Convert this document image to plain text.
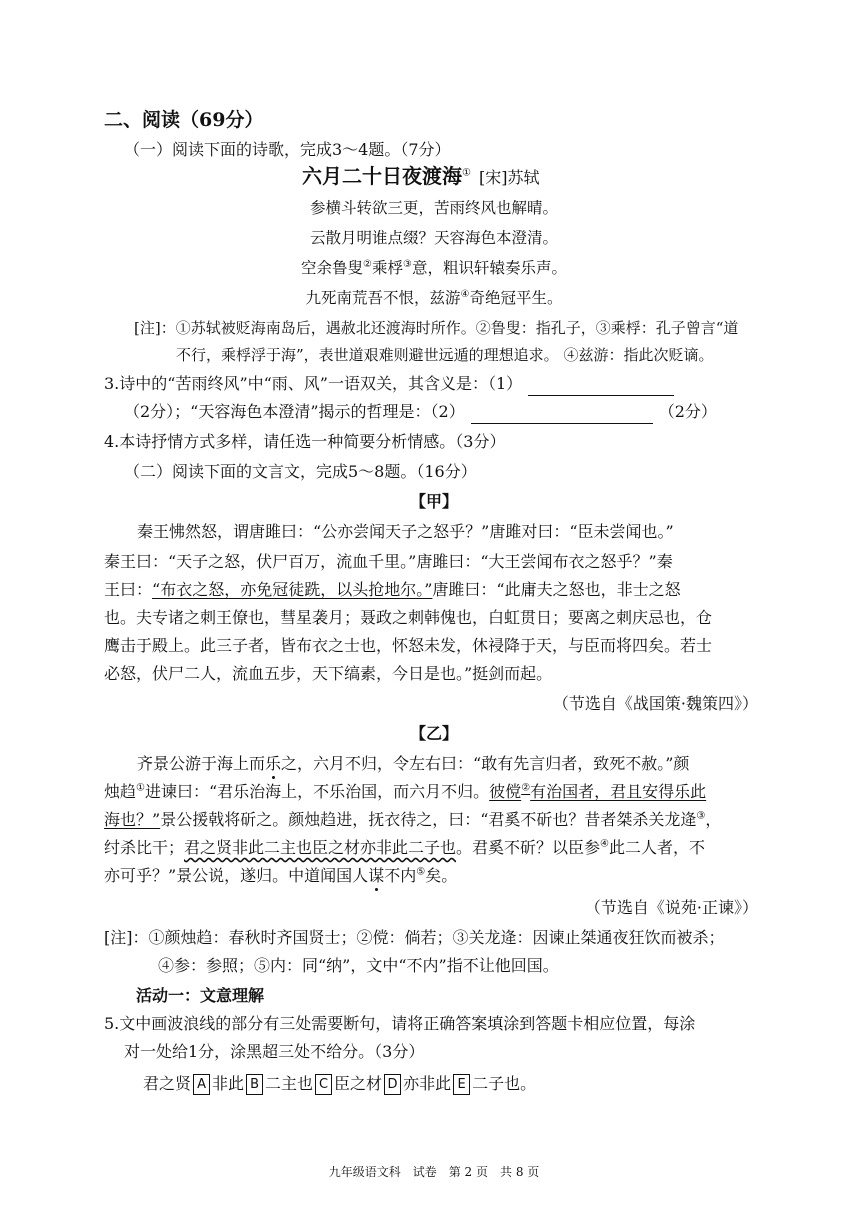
二、阅读（69分）
（一）阅读下面的诗歌，完成3～4题。（7分）
六月二十日夜渡海① [宋]苏轼
参横斗转欲三更，苦雨终风也解晴。
云散月明谁点缀？天容海色本澄清。
空余鲁叟②乘桴③意，粗识轩辕奏乐声。
九死南荒吾不恨，兹游④奇绝冠平生。
[注]：①苏轼被贬海南岛后，遇赦北还渡海时所作。②鲁叟：指孔子，③乘桴：孔子曾言“道
不行，乘桴浮于海”，表世道艰难则避世远遁的理想追求。 ④兹游：指此次贬谪。
3.诗中的“苦雨终风”中“雨、风”一语双关，其含义是：（1）
（2分）；“天容海色本澄清”揭示的哲理是：（2）	（2分）
4.本诗抒情方式多样，请任选一种简要分析情感。（3分）
（二）阅读下面的文言文，完成5～8题。（16分）
【甲】
秦王怫然怒，谓唐雎曰：“公亦尝闻天子之怒乎？”唐雎对曰：“臣未尝闻也。”
秦王曰：“天子之怒，伏尸百万，流血千里。”唐雎曰：“大王尝闻布衣之怒乎？”秦
王曰：“布衣之怒，亦免冠徒跣，以头抢地尔。”唐雎曰：“此庸夫之怒也，非士之怒
也。夫专诸之刺王僚也，彗星袭月；聂政之刺韩傀也，白虹贯日；要离之刺庆忌也，仓
鹰击于殿上。此三子者，皆布衣之士也，怀怒未发，休祲降于天，与臣而将四矣。若士
必怒，伏尸二人，流血五步，天下缟素，今日是也。”挺剑而起。
（节选自《战国策·魏策四》）
【乙】
齐景公游于海上而乐之，六月不归，令左右曰：“敢有先言归者，致死不赦。”颜
烛趋①进谏曰：“君乐治海上，不乐治国，而六月不归。彼傥②有治国者，君且安得乐此
海也？”景公援戟将斫之。颜烛趋进，抚衣待之，曰：“君奚不斫也？昔者桀杀关龙逄③，
纣杀比干；君之贤非此二主也臣之材亦非此二子也。君奚不斫？以臣参④此二人者，不
亦可乎？”景公说，遂归。中道闻国人谋不内⑤矣。
（节选自《说苑·正谏》）
[注]：①颜烛趋：春秋时齐国贤士；②傥：倘若；③关龙逄：因谏止桀通夜狂饮而被杀；
④参：参照；⑤内：同“纳”，文中“不内”指不让他回国。
活动一：文意理解
5.文中画波浪线的部分有三处需要断句，请将正确答案填涂到答题卡相应位置，每涂
对一处给1分，涂黑超三处不给分。（3分）
君之贤 A 非此 B 二主也 C 臣之材 D 亦非此 E 二子也。
九年级语文科　试卷　第 2 页　共 8 页
